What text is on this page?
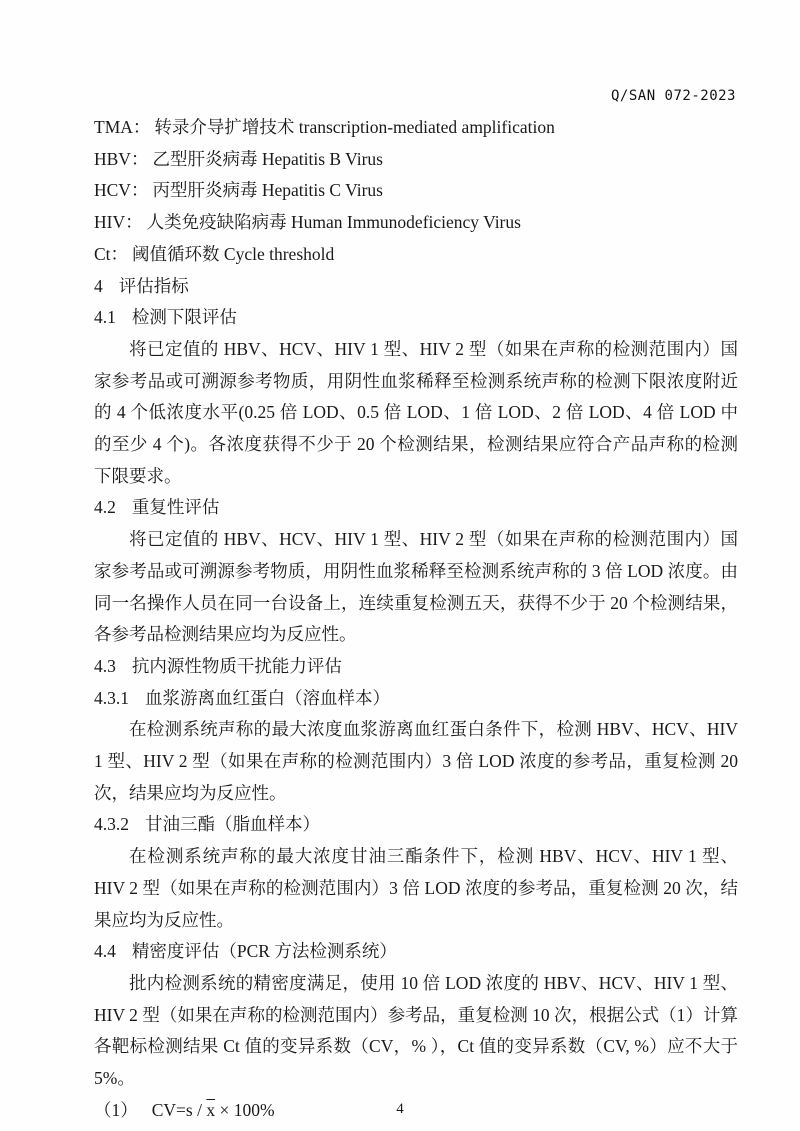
Q/SAN 072-2023

TMA： 转录介导扩增技术 transcription-mediated amplification

HBV： 乙型肝炎病毒 Hepatitis B Virus

HCV： 丙型肝炎病毒 Hepatitis C Virus

HIV： 人类免疫缺陷病毒 Human Immunodeficiency Virus

Ct： 阈值循环数 Cycle threshold

4 评估指标

4.1 检测下限评估

将已定值的 HBV、HCV、HIV 1 型、HIV 2 型（如果在声称的检测范围内）国家参考品或可溯源参考物质，用阴性血浆稀释至检测系统声称的检测下限浓度附近的 4 个低浓度水平(0.25 倍 LOD、0.5 倍 LOD、1 倍 LOD、2 倍 LOD、4 倍 LOD 中的至少 4 个)。各浓度获得不少于 20 个检测结果，检测结果应符合产品声称的检测下限要求。

4.2 重复性评估

将已定值的 HBV、HCV、HIV 1 型、HIV 2 型（如果在声称的检测范围内）国家参考品或可溯源参考物质，用阴性血浆稀释至检测系统声称的 3 倍 LOD 浓度。由同一名操作人员在同一台设备上，连续重复检测五天，获得不少于 20 个检测结果，各参考品检测结果应均为反应性。

4.3 抗内源性物质干扰能力评估

4.3.1 血浆游离血红蛋白（溶血样本）

在检测系统声称的最大浓度血浆游离血红蛋白条件下，检测 HBV、HCV、HIV 1 型、HIV 2 型（如果在声称的检测范围内）3 倍 LOD 浓度的参考品，重复检测 20 次，结果应均为反应性。

4.3.2 甘油三酯（脂血样本）

在检测系统声称的最大浓度甘油三酯条件下，检测 HBV、HCV、HIV 1 型、HIV 2 型（如果在声称的检测范围内）3 倍 LOD 浓度的参考品，重复检测 20 次，结果应均为反应性。

4.4 精密度评估（PCR 方法检测系统）

批内检测系统的精密度满足，使用 10 倍 LOD 浓度的 HBV、HCV、HIV 1 型、HIV 2 型（如果在声称的检测范围内）参考品，重复检测 10 次，根据公式（1）计算各靶标检测结果 Ct 值的变异系数（CV，% ），Ct 值的变异系数（CV, %）应不大于 5%。

（1） $CV=s / \overline{x} \times 100\%$	4
